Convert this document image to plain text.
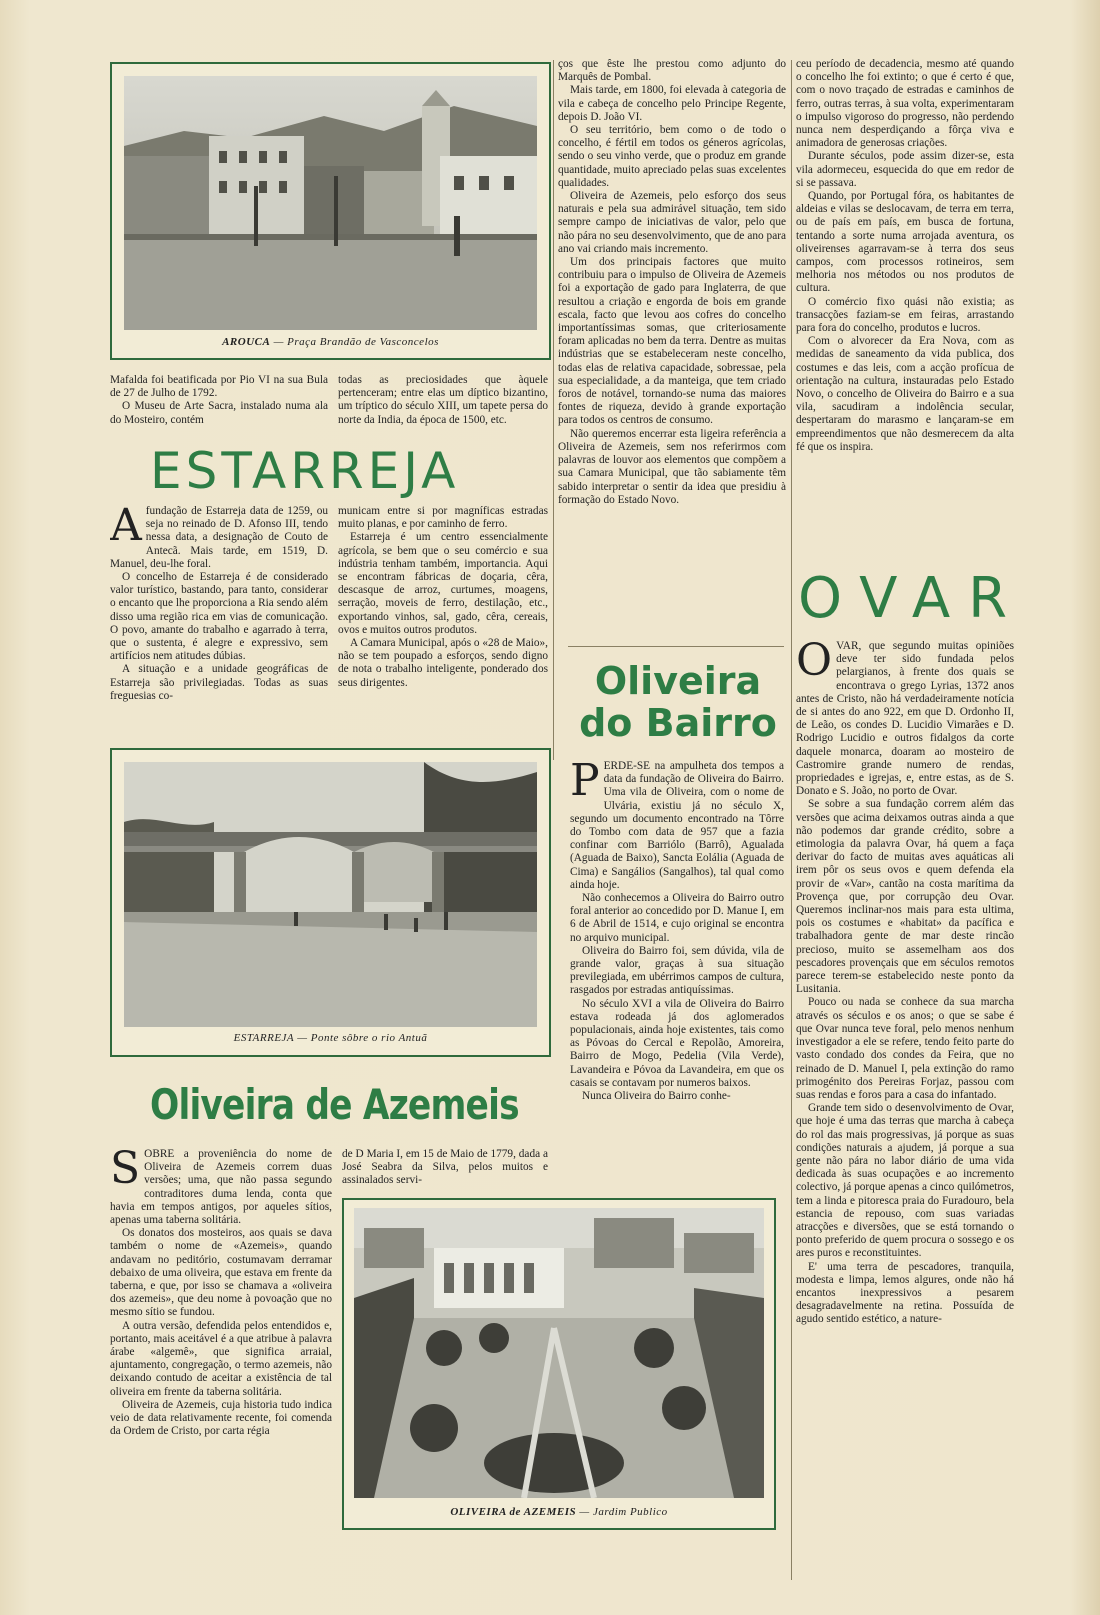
AROUCA — Praça Brandão de Vasconcelos

Mafalda foi beatificada por Pio VI na sua Bula de 27 de Julho de 1792.

O Museu de Arte Sacra, instalado numa ala do Mosteiro, contém

todas as preciosidades que àquele pertenceram; entre elas um díptico bizantino, um tríptico do século XIII, um tapete persa do norte da India, da época de 1500, etc.

ESTARREJA
A fundação de Estarreja data de 1259, ou seja no reinado de D. Afonso III, tendo nessa data, a designação de Couto de Antecã. Mais tarde, em 1519, D. Manuel, deu-lhe foral.

O concelho de Estarreja é de considerado valor turístico, bastando, para tanto, considerar o encanto que lhe proporciona a Ria sendo além disso uma região rica em vias de comunicação. O povo, amante do trabalho e agarrado à terra, que o sustenta, é alegre e expressivo, sem artifícios nem atitudes dúbias.

A situação e a unidade geográficas de Estarreja são privilegiadas. Todas as suas freguesias co-

municam entre si por magníficas estradas muito planas, e por caminho de ferro.

Estarreja é um centro essencialmente agrícola, se bem que o seu comércio e sua indústria tenham também, importancia. Aqui se encontram fábricas de doçaria, cêra, descasque de arroz, curtumes, moagens, serração, moveis de ferro, destilação, etc., exportando vinhos, sal, gado, cêra, cereais, ovos e muitos outros produtos.

A Camara Municipal, após o «28 de Maio», não se tem poupado a esforços, sendo digno de nota o trabalho inteligente, ponderado dos seus dirigentes.

ESTARREJA — Ponte sôbre o rio Antuã
Oliveira de Azemeis
S OBRE a proveniência do nome de Oliveira de Azemeis correm duas versões; uma, que não passa segundo contraditores duma lenda, conta que havia em tempos antigos, por aqueles sítios, apenas uma taberna solitária.

Os donatos dos mosteiros, aos quais se dava também o nome de «Azemeis», quando andavam no peditório, costumavam derramar debaixo de uma oliveira, que estava em frente da taberna, e que, por isso se chamava a «oliveira dos azemeis», que deu nome à povoação que no mesmo sítio se fundou.

A outra versão, defendida pelos entendidos e, portanto, mais aceitável é a que atribue à palavra árabe «algemê», que significa arraial, ajuntamento, congregação, o termo azemeis, não deixando contudo de aceitar a existência de tal oliveira em frente da taberna solitária.

Oliveira de Azemeis, cuja historia tudo indica veio de data relativamente recente, foi comenda da Ordem de Cristo, por carta régia

de D Maria I, em 15 de Maio de 1779, dada a José Seabra da Silva, pelos muitos e assinalados servi-

OLIVEIRA de AZEMEIS — Jardim Publico

ços que êste lhe prestou como adjunto do Marquês de Pombal.

Mais tarde, em 1800, foi elevada à categoria de vila e cabeça de concelho pelo Principe Regente, depois D. João VI.

O seu território, bem como o de todo o concelho, é fértil em todos os géneros agrícolas, sendo o seu vinho verde, que o produz em grande quantidade, muito apreciado pelas suas excelentes qualidades.

Oliveira de Azemeis, pelo esforço dos seus naturais e pela sua admirável situação, tem sido sempre campo de iniciativas de valor, pelo que não pára no seu desenvolvimento, que de ano para ano vai criando mais incremento.

Um dos principais factores que muito contribuiu para o impulso de Oliveira de Azemeis foi a exportação de gado para Inglaterra, de que resultou a criação e engorda de bois em grande escala, facto que levou aos cofres do concelho importantíssimas somas, que criteriosamente foram aplicadas no bem da terra. Dentre as muitas indústrias que se estabeleceram neste concelho, todas elas de relativa capacidade, sobressae, pela sua especialidade, a da manteiga, que tem criado foros de notável, tornando-se numa das maiores fontes de riqueza, devido à grande exportação para todos os centros de consumo.

Não queremos encerrar esta ligeira referência a Oliveira de Azemeis, sem nos referirmos com palavras de louvor aos elementos que compõem a sua Camara Municipal, que tão sabiamente têm sabido interpretar o sentir da idea que presidiu à formação do Estado Novo.

Oliveira
do Bairro
P ERDE-SE na ampulheta dos tempos a data da fundação de Oliveira do Bairro. Uma vila de Oliveira, com o nome de Ulvária, existiu já no século X, segundo um documento encontrado na Tôrre do Tombo com data de 957 que a fazia confinar com Barriólo (Barrô), Agualada (Aguada de Baixo), Sancta Eolália (Aguada de Cima) e Sangálios (Sangalhos), tal qual como ainda hoje.

Não conhecemos a Oliveira do Bairro outro foral anterior ao concedido por D. Manue I, em 6 de Abril de 1514, e cujo original se encontra no arquivo municipal.

Oliveira do Bairro foi, sem dúvida, vila de grande valor, graças à sua situação previlegiada, em ubérrimos campos de cultura, rasgados por estradas antiquíssimas.

No século XVI a vila de Oliveira do Bairro estava rodeada já dos aglomerados populacionais, ainda hoje existentes, tais como as Póvoas do Cercal e Repolão, Amoreira, Bairro de Mogo, Pedelia (Vila Verde), Lavandeira e Póvoa da Lavandeira, em que os casais se contavam por numeros baixos.

Nunca Oliveira do Bairro conhe-

ceu período de decadencia, mesmo até quando o concelho lhe foi extinto; o que é certo é que, com o novo traçado de estradas e caminhos de ferro, outras terras, à sua volta, experimentaram o impulso vigoroso do progresso, não perdendo nunca nem desperdiçando a fôrça viva e animadora de generosas criações.

Durante séculos, pode assim dizer-se, esta vila adormeceu, esquecida do que em redor de si se passava.

Quando, por Portugal fóra, os habitantes de aldeias e vilas se deslocavam, de terra em terra, ou de país em país, em busca de fortuna, tentando a sorte numa arrojada aventura, os oliveirenses agarravam-se à terra dos seus campos, com processos rotineiros, sem melhoria nos métodos ou nos produtos de cultura.

O comércio fixo quási não existia; as transacções faziam-se em feiras, arrastando para fora do concelho, produtos e lucros.

Com o alvorecer da Era Nova, com as medidas de saneamento da vida publica, dos costumes e das leis, com a acção profícua de orientação na cultura, instauradas pelo Estado Novo, o concelho de Oliveira do Bairro e a sua vila, sacudiram a indolência secular, despertaram do marasmo e lançaram-se em empreendimentos que não desmerecem da alta fé que os inspira.

OVAR
O VAR, que segundo muitas opiniões deve ter sido fundada pelos pelargianos, à frente dos quais se encontrava o grego Lyrias, 1372 anos antes de Cristo, não há verdadeiramente notícia de si antes do ano 922, em que D. Ordonho II, de Leão, os condes D. Lucidio Vimarães e D. Rodrigo Lucidio e outros fidalgos da corte daquele monarca, doaram ao mosteiro de Castromire grande numero de rendas, propriedades e igrejas, e, entre estas, as de S. Donato e S. João, no porto de Ovar.

Se sobre a sua fundação correm além das versões que acima deixamos outras ainda a que não podemos dar grande crédito, sobre a etimologia da palavra Ovar, há quem a faça derivar do facto de muitas aves aquáticas ali irem pôr os seus ovos e quem defenda ela provir de «Var», cantão na costa marítima da Provença que, por corrupção deu Ovar. Queremos inclinar-nos mais para esta ultima, pois os costumes e «habitat» da pacífica e trabalhadora gente de mar deste rincão precioso, muito se assemelham aos dos pescadores provençais que em séculos remotos parece terem-se estabelecido neste ponto da Lusitania.

Pouco ou nada se conhece da sua marcha através os séculos e os anos; o que se sabe é que Ovar nunca teve foral, pelo menos nenhum investigador a ele se refere, tendo feito parte do vasto condado dos condes da Feira, que no reinado de D. Manuel I, pela extinção do ramo primogénito dos Pereiras Forjaz, passou com suas rendas e foros para a casa do infantado.

Grande tem sido o desenvolvimento de Ovar, que hoje é uma das terras que marcha à cabeça do rol das mais progressivas, já porque as suas condições naturais a ajudem, já porque a sua gente não pára no labor diário de uma vida dedicada às suas ocupações e ao incremento colectivo, já porque apenas a cinco quilómetros, tem a linda e pitoresca praia do Furadouro, bela estancia de repouso, com suas variadas atracções e diversões, que se está tornando o ponto preferido de quem procura o sossego e os ares puros e reconstituintes.

E' uma terra de pescadores, tranquila, modesta e limpa, lemos algures, onde não há encantos inexpressivos a pesarem desagradavelmente na retina. Possuída de agudo sentido estético, a nature-
